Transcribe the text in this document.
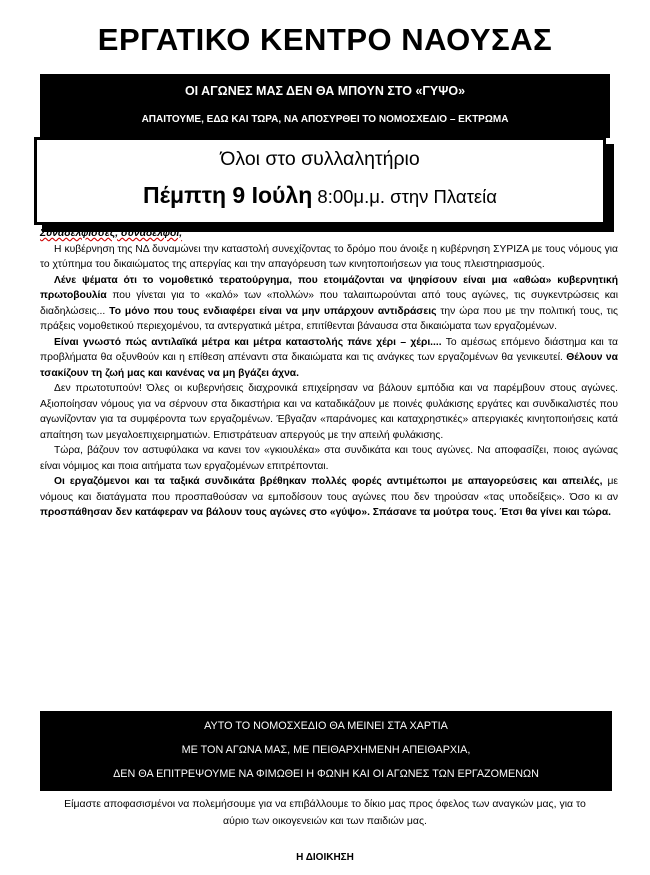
ΕΡΓΑΤΙΚΟ ΚΕΝΤΡΟ ΝΑΟΥΣΑΣ
ΟΙ ΑΓΩΝΕΣ ΜΑΣ ΔΕΝ ΘΑ ΜΠΟΥΝ ΣΤΟ «ΓΥΨΟ»
ΑΠΑΙΤΟΥΜΕ, ΕΔΩ ΚΑΙ ΤΩΡΑ, ΝΑ ΑΠΟΣΥΡΘΕΙ ΤΟ ΝΟΜΟΣΧΕΔΙΟ – ΕΚΤΡΩΜΑ
Όλοι στο συλλαλητήριο
Πέμπτη 9 Ιούλη 8:00μ.μ. στην Πλατεία

Συναδέλφισσες, συνάδελφοι,

Η κυβέρνηση της ΝΔ δυναμώνει την καταστολή συνεχίζοντας το δρόμο που άνοιξε η κυβέρνηση ΣΥΡΙΖΑ με τους νόμους για το χτύπημα του δικαιώματος της απεργίας και την απαγόρευση των κινητοποιήσεων για τους πλειστηριασμούς.

Λένε ψέματα ότι το νομοθετικό τερατούργημα, που ετοιμάζονται να ψηφίσουν είναι μια «αθώα» κυβερνητική πρωτοβουλία που γίνεται για το «καλό» των «πολλών» που ταλαιπωρούνται από τους αγώνες, τις συγκεντρώσεις και διαδηλώσεις... Το μόνο που τους ενδιαφέρει είναι να μην υπάρχουν αντιδράσεις την ώρα που με την πολιτική τους, τις πράξεις νομοθετικού περιεχομένου, τα αντεργατικά μέτρα, επιτίθενται βάναυσα στα δικαιώματα των εργαζομένων.

Είναι γνωστό πώς αντιλαϊκά μέτρα και μέτρα καταστολής πάνε χέρι – χέρι.... Το αμέσως επόμενο διάστημα και τα προβλήματα θα οξυνθούν και η επίθεση απέναντι στα δικαιώματα και τις ανάγκες των εργαζομένων θα γενικευτεί. Θέλουν να τσακίζουν τη ζωή μας και κανένας να μη βγάζει άχνα.

Δεν πρωτοτυπούν! Όλες οι κυβερνήσεις διαχρονικά επιχείρησαν να βάλουν εμπόδια και να παρέμβουν στους αγώνες. Αξιοποίησαν νόμους για να σέρνουν στα δικαστήρια και να καταδικάζουν με ποινές φυλάκισης εργάτες και συνδικαλιστές που αγωνίζονταν για τα συμφέροντα των εργαζομένων. Έβγαζαν «παράνομες και καταχρηστικές» απεργιακές κινητοποιήσεις κατά απαίτηση των μεγαλοεπιχειρηματιών. Επιστράτευαν απεργούς με την απειλή φυλάκισης.

Τώρα, βάζουν τον αστυφύλακα να κανει τον «γκιουλέκα» στα συνδικάτα και τους αγώνες. Να αποφασίζει, ποιος αγώνας είναι νόμιμος και ποια αιτήματα των εργαζομένων επιτρέπονται.

Οι εργαζόμενοι και τα ταξικά συνδικάτα βρέθηκαν πολλές φορές αντιμέτωποι με απαγορεύσεις και απειλές, με νόμους και διατάγματα που προσπαθούσαν να εμποδίσουν τους αγώνες που δεν τηρούσαν «τας υποδείξεις». Όσο κι αν προσπάθησαν δεν κατάφεραν να βάλουν τους αγώνες στο «γύψο». Σπάσανε τα μούτρα τους. Έτσι θα γίνει και τώρα.

ΑΥΤΟ ΤΟ ΝΟΜΟΣΧΕΔΙΟ ΘΑ ΜΕΙΝΕΙ ΣΤΑ ΧΑΡΤΙΑ
ΜΕ ΤΟΝ ΑΓΩΝΑ ΜΑΣ, ΜΕ ΠΕΙΘΑΡΧΗΜΕΝΗ ΑΠΕΙΘΑΡΧΙΑ,
ΔΕΝ ΘΑ ΕΠΙΤΡΕΨΟΥΜΕ ΝΑ ΦΙΜΩΘΕΙ Η ΦΩΝΗ ΚΑΙ ΟΙ ΑΓΩΝΕΣ ΤΩΝ ΕΡΓΑΖΟΜΕΝΩΝ
Είμαστε αποφασισμένοι να πολεμήσουμε για να επιβάλλουμε το δίκιο μας προς όφελος των αναγκών μας, για το αύριο των οικογενειών και των παιδιών μας.
Η ΔΙΟΙΚΗΣΗ
